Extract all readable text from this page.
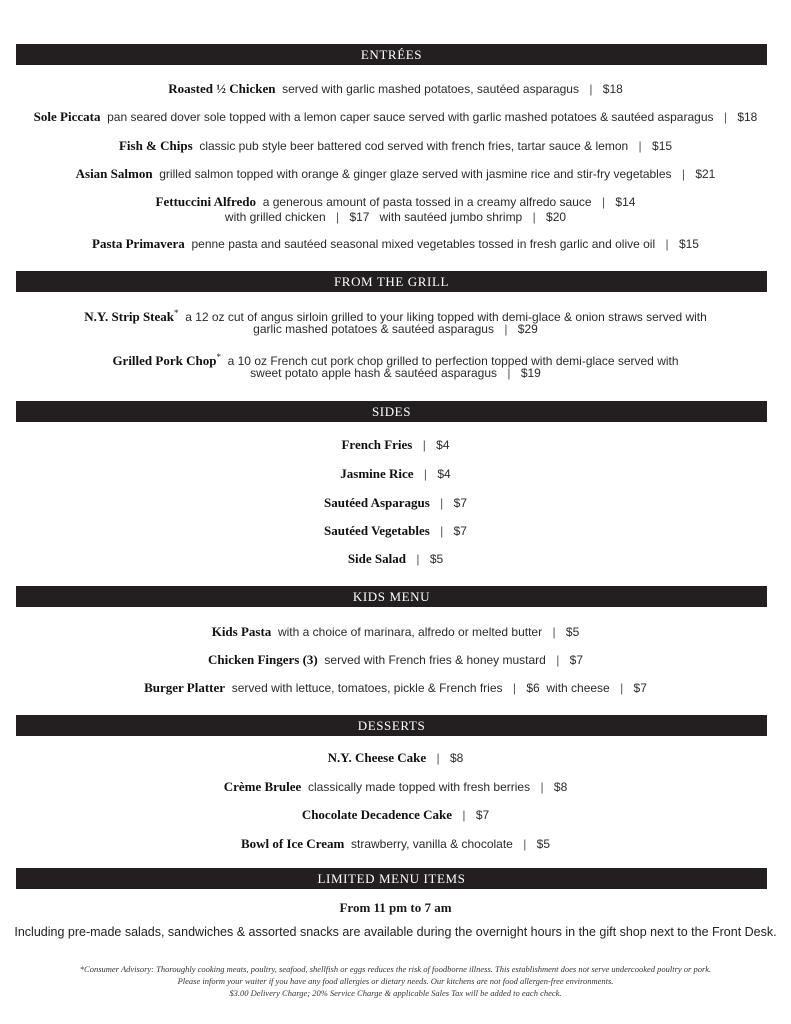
ENTRÉES
Roasted ½ Chicken served with garlic mashed potatoes, sautéed asparagus | $18
Sole Piccata pan seared dover sole topped with a lemon caper sauce served with garlic mashed potatoes & sautéed asparagus | $18
Fish & Chips classic pub style beer battered cod served with french fries, tartar sauce & lemon | $15
Asian Salmon grilled salmon topped with orange & ginger glaze served with jasmine rice and stir-fry vegetables | $21
Fettuccini Alfredo a generous amount of pasta tossed in a creamy alfredo sauce | $14
with grilled chicken | $17 with sautéed jumbo shrimp | $20
Pasta Primavera penne pasta and sautéed seasonal mixed vegetables tossed in fresh garlic and olive oil | $15
FROM THE GRILL
N.Y. Strip Steak* a 12 oz cut of angus sirloin grilled to your liking topped with demi-glace & onion straws served with
garlic mashed potatoes & sautéed asparagus | $29
Grilled Pork Chop* a 10 oz French cut pork chop grilled to perfection topped with demi-glace served with
sweet potato apple hash & sautéed asparagus | $19
SIDES
French Fries | $4
Jasmine Rice | $4
Sautéed Asparagus | $7
Sautéed Vegetables | $7
Side Salad | $5
KIDS MENU
Kids Pasta with a choice of marinara, alfredo or melted butter | $5
Chicken Fingers (3) served with French fries & honey mustard | $7
Burger Platter served with lettuce, tomatoes, pickle & French fries | $6 with cheese | $7
DESSERTS
N.Y. Cheese Cake | $8
Crème Brulee classically made topped with fresh berries | $8
Chocolate Decadence Cake | $7
Bowl of Ice Cream strawberry, vanilla & chocolate | $5
LIMITED MENU ITEMS
From 11 pm to 7 am
Including pre-made salads, sandwiches & assorted snacks are available during the overnight hours in the gift shop next to the Front Desk.
*Consumer Advisory: Thoroughly cooking meats, poultry, seafood, shellfish or eggs reduces the risk of foodborne illness. This establishment does not serve undercooked poultry or pork.
Please inform your waiter if you have any food allergies or dietary needs. Our kitchens are not food allergen-free environments.
$3.00 Delivery Charge; 20% Service Charge & applicable Sales Tax will be added to each check.
